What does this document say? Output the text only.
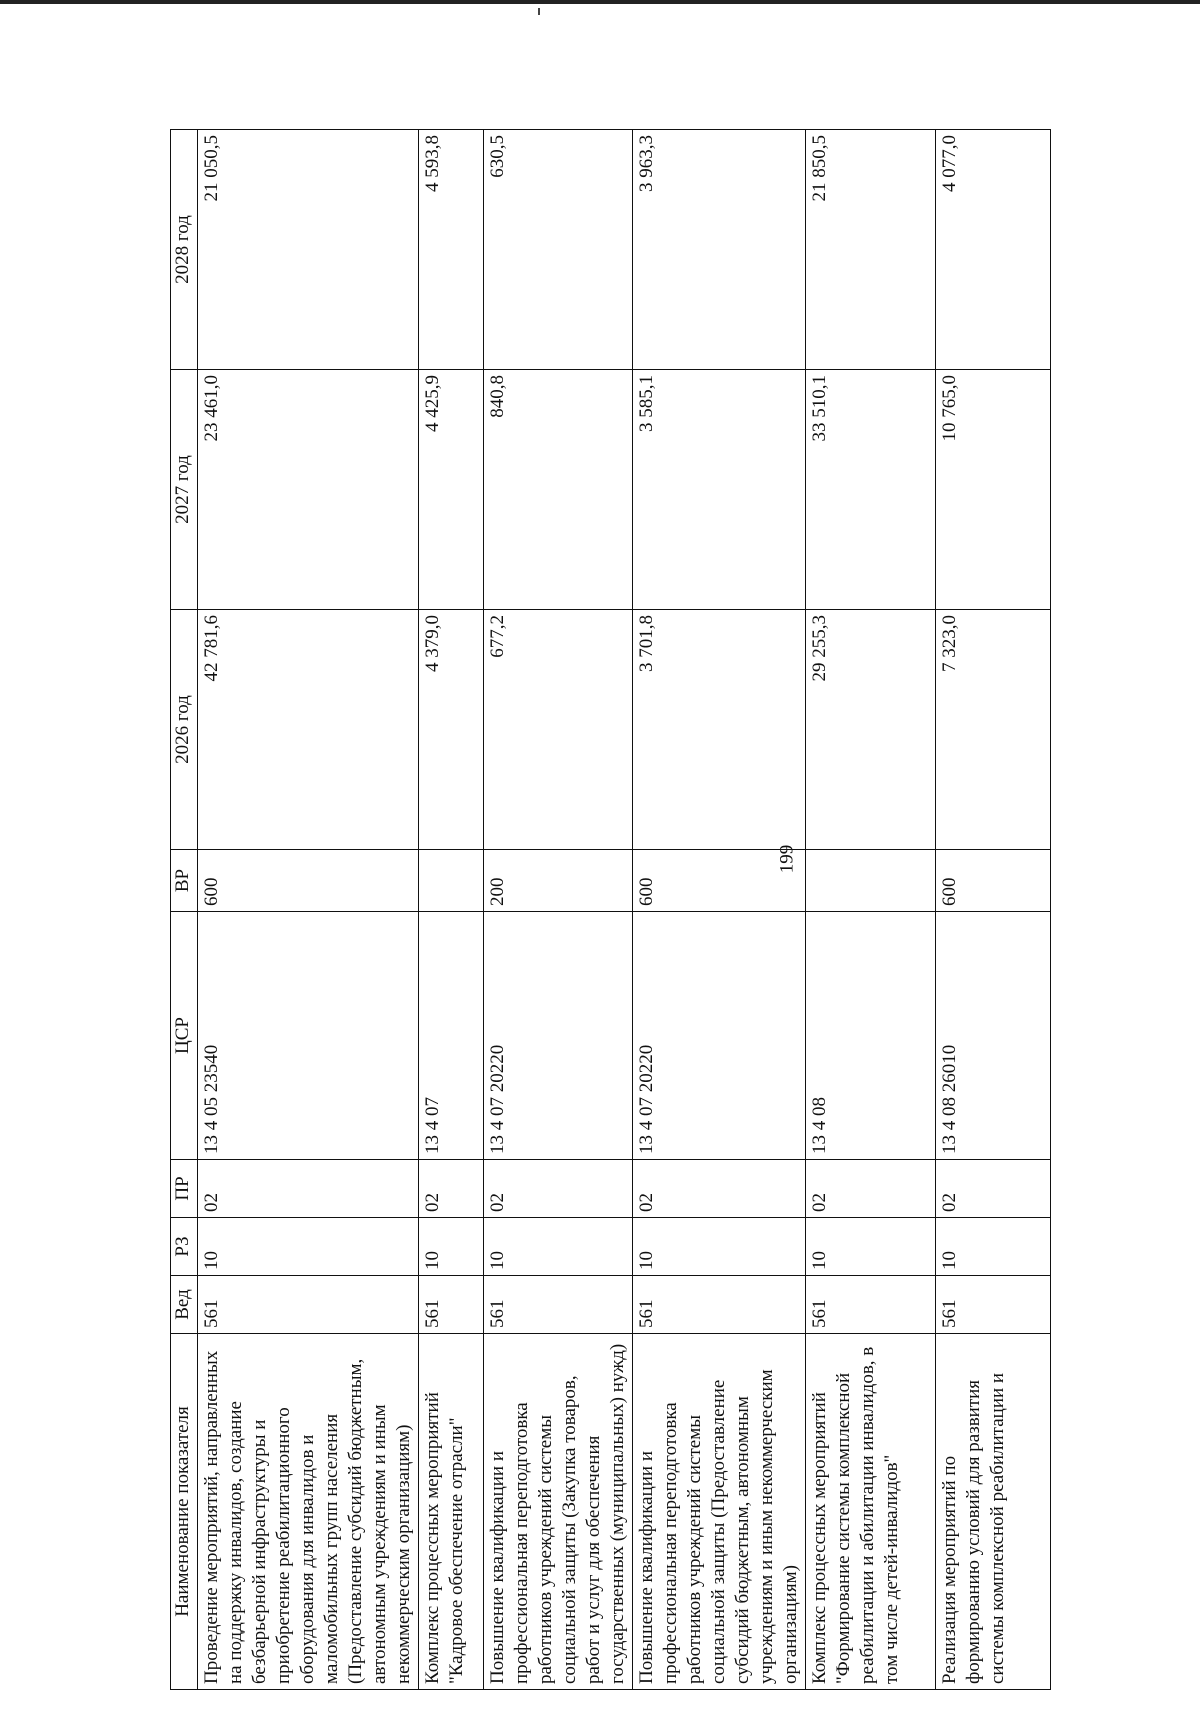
199
Наименование показателя	Вед	РЗ	ПР	ЦСР	ВР	2026 год	2027 год	2028 год
Проведение мероприятий, направленных на поддержку инвалидов, создание безбарьерной инфраструктуры и приобретение реабилитационного оборудования для инвалидов и маломобильных групп населения (Предоставление субсидий бюджетным, автономным учреждениям и иным некоммерческим организациям)	561	10	02	13 4 05 23540	600	42 781,6	23 461,0	21 050,5
Комплекс процессных мероприятий "Кадровое обеспечение отрасли"	561	10	02	13 4 07		4 379,0	4 425,9	4 593,8
Повышение квалификации и профессиональная переподготовка работников учреждений системы социальной защиты (Закупка товаров, работ и услуг для обеспечения государственных (муниципальных) нужд)	561	10	02	13 4 07 20220	200	677,2	840,8	630,5
Повышение квалификации и профессиональная переподготовка работников учреждений системы социальной защиты (Предоставление субсидий бюджетным, автономным учреждениям и иным некоммерческим организациям)	561	10	02	13 4 07 20220	600	3 701,8	3 585,1	3 963,3
Комплекс процессных мероприятий "Формирование системы комплексной реабилитации и абилитации инвалидов, в том числе детей-инвалидов"	561	10	02	13 4 08		29 255,3	33 510,1	21 850,5
Реализация мероприятий по формированию условий для развития системы комплексной реабилитации и	561	10	02	13 4 08 26010	600	7 323,0	10 765,0	4 077,0
